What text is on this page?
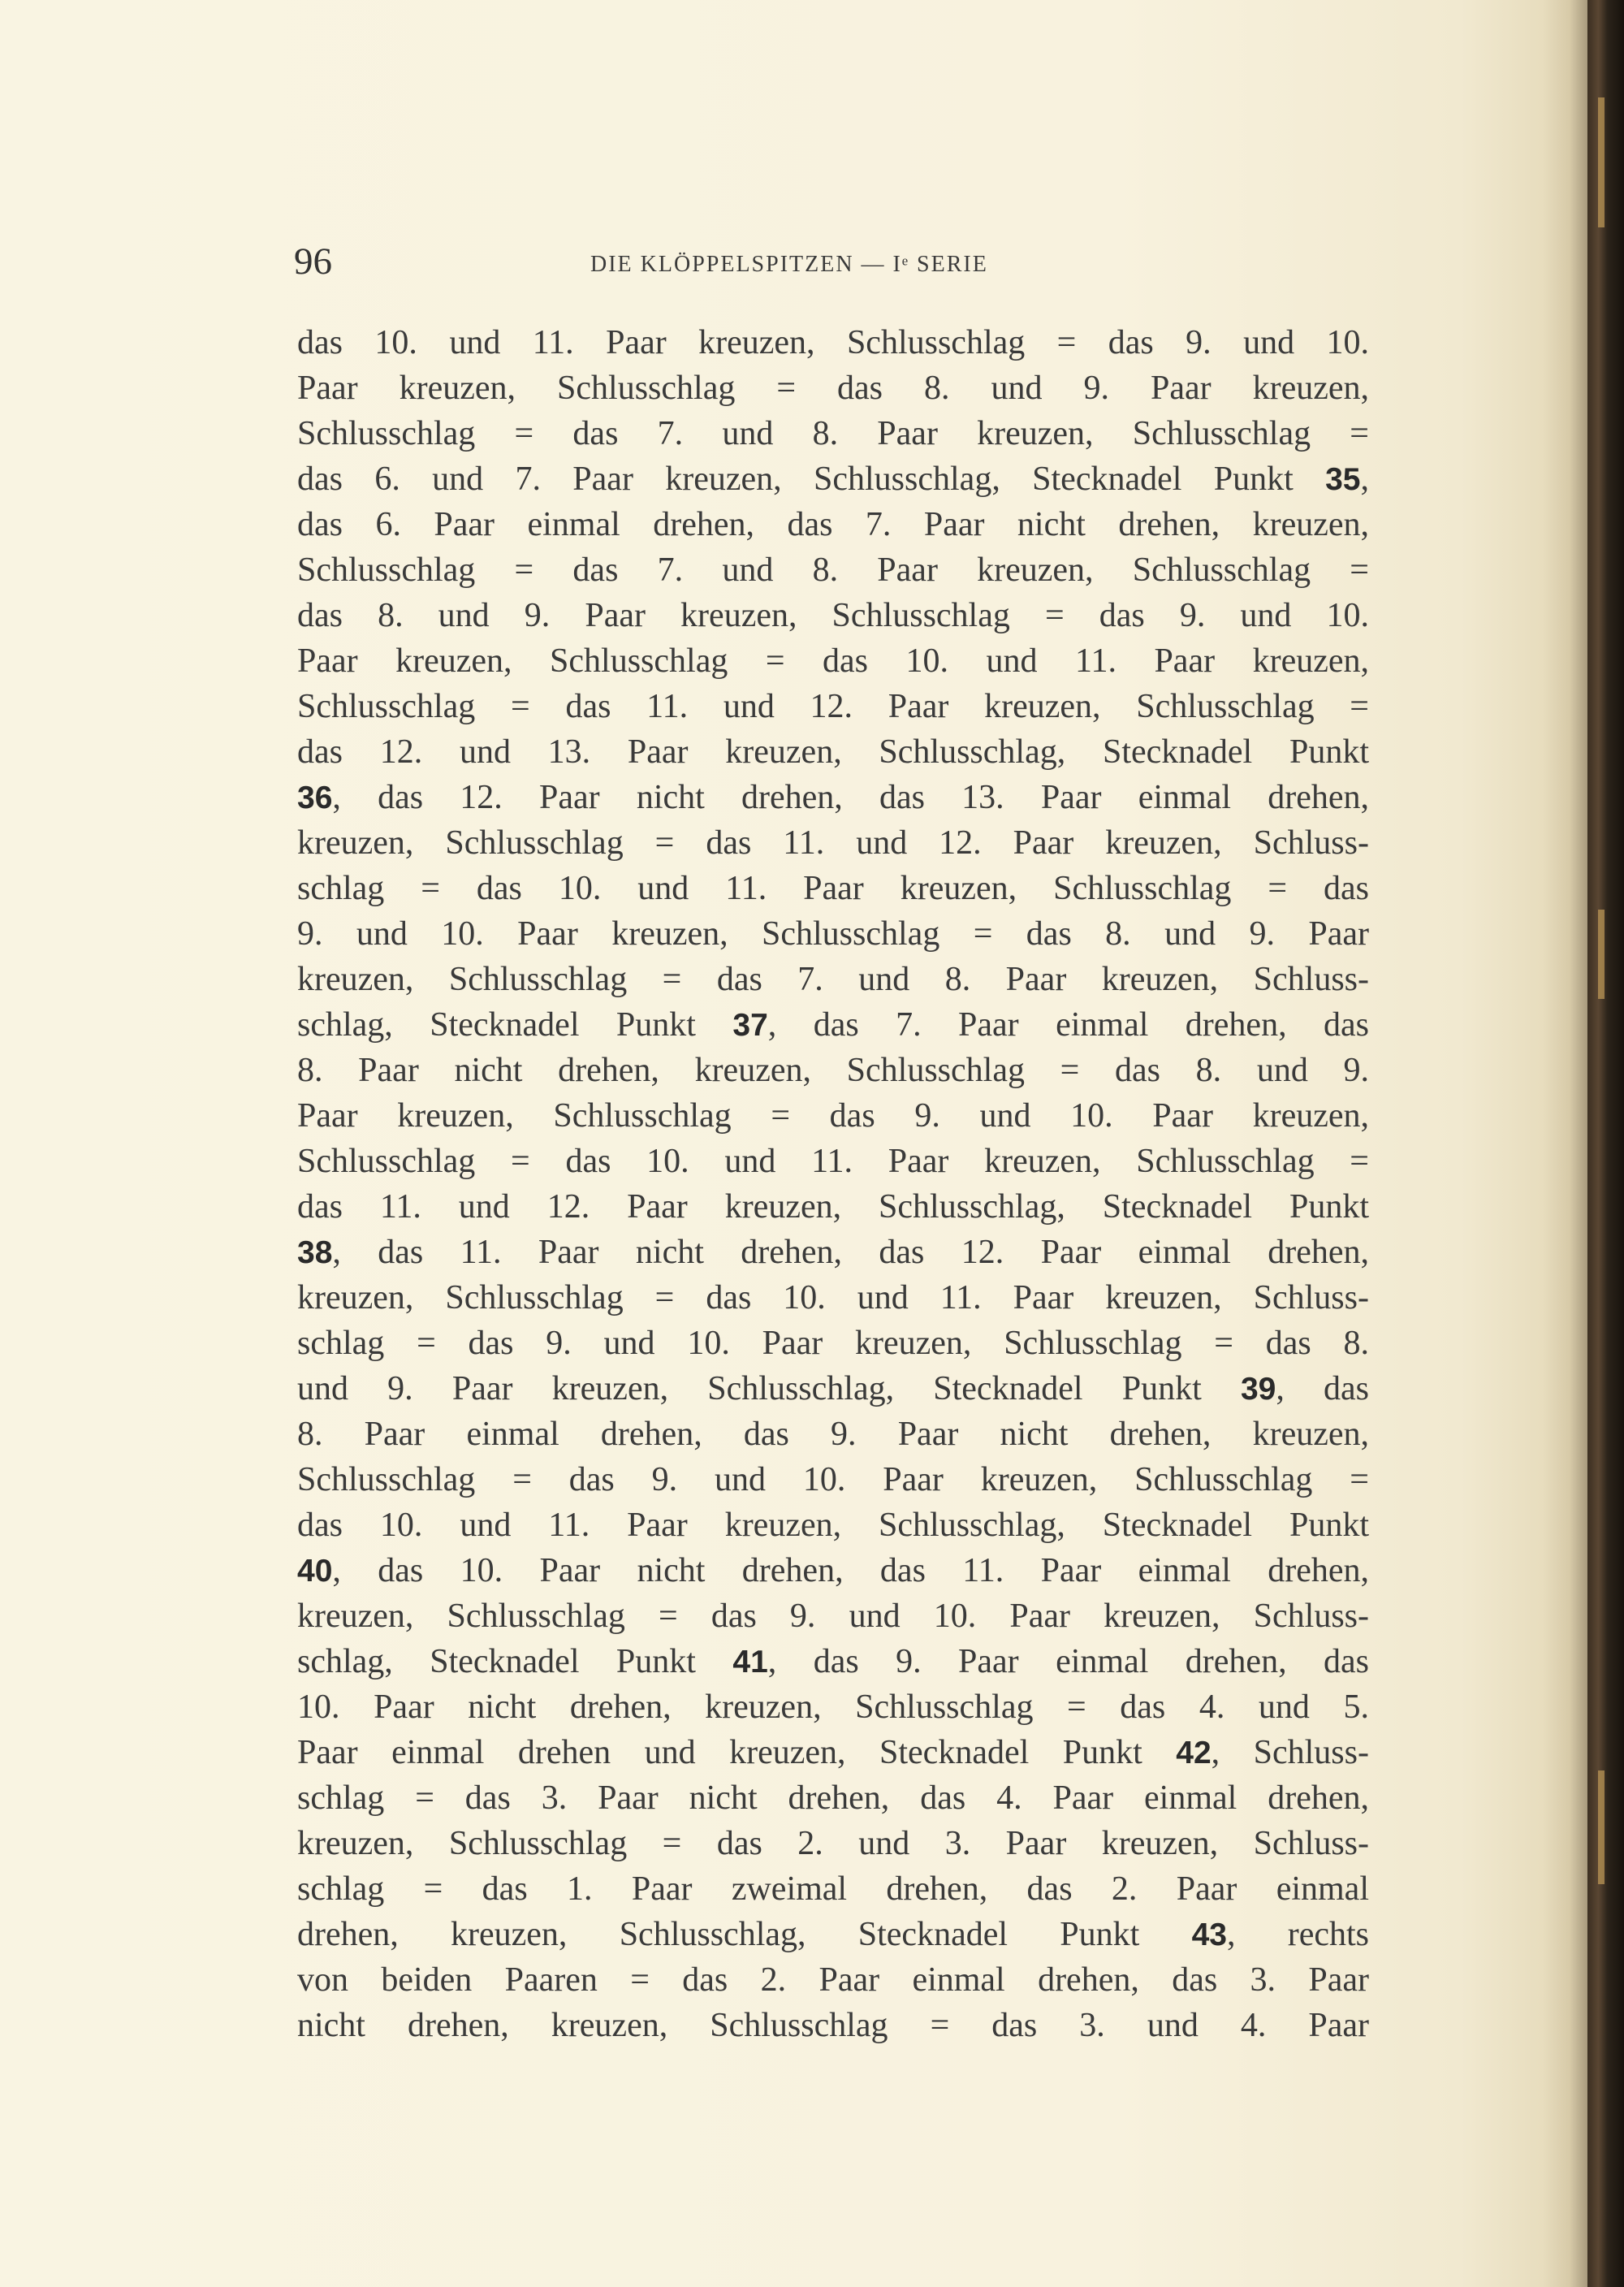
96	DIE KLÖPPELSPITZEN — Iᵉ SERIE
das 10. und 11. Paar kreuzen, Schlusschlag = das 9. und 10.
Paar kreuzen, Schlusschlag = das 8. und 9. Paar kreuzen,
Schlusschlag = das 7. und 8. Paar kreuzen, Schlusschlag =
das 6. und 7. Paar kreuzen, Schlusschlag, Stecknadel Punkt 35,
das 6. Paar einmal drehen, das 7. Paar nicht drehen, kreuzen,
Schlusschlag = das 7. und 8. Paar kreuzen, Schlusschlag =
das 8. und 9. Paar kreuzen, Schlusschlag = das 9. und 10.
Paar kreuzen, Schlusschlag = das 10. und 11. Paar kreuzen,
Schlusschlag = das 11. und 12. Paar kreuzen, Schlusschlag =
das 12. und 13. Paar kreuzen, Schlusschlag, Stecknadel Punkt
36, das 12. Paar nicht drehen, das 13. Paar einmal drehen,
kreuzen, Schlusschlag = das 11. und 12. Paar kreuzen, Schluss-
schlag = das 10. und 11. Paar kreuzen, Schlusschlag = das
9. und 10. Paar kreuzen, Schlusschlag = das 8. und 9. Paar
kreuzen, Schlusschlag = das 7. und 8. Paar kreuzen, Schluss-
schlag, Stecknadel Punkt 37, das 7. Paar einmal drehen, das
8. Paar nicht drehen, kreuzen, Schlusschlag = das 8. und 9.
Paar kreuzen, Schlusschlag = das 9. und 10. Paar kreuzen,
Schlusschlag = das 10. und 11. Paar kreuzen, Schlusschlag =
das 11. und 12. Paar kreuzen, Schlusschlag, Stecknadel Punkt
38, das 11. Paar nicht drehen, das 12. Paar einmal drehen,
kreuzen, Schlusschlag = das 10. und 11. Paar kreuzen, Schluss-
schlag = das 9. und 10. Paar kreuzen, Schlusschlag = das 8.
und 9. Paar kreuzen, Schlusschlag, Stecknadel Punkt 39, das
8. Paar einmal drehen, das 9. Paar nicht drehen, kreuzen,
Schlusschlag = das 9. und 10. Paar kreuzen, Schlusschlag =
das 10. und 11. Paar kreuzen, Schlusschlag, Stecknadel Punkt
40, das 10. Paar nicht drehen, das 11. Paar einmal drehen,
kreuzen, Schlusschlag = das 9. und 10. Paar kreuzen, Schluss-
schlag, Stecknadel Punkt 41, das 9. Paar einmal drehen, das
10. Paar nicht drehen, kreuzen, Schlusschlag = das 4. und 5.
Paar einmal drehen und kreuzen, Stecknadel Punkt 42, Schluss-
schlag = das 3. Paar nicht drehen, das 4. Paar einmal drehen,
kreuzen, Schlusschlag = das 2. und 3. Paar kreuzen, Schluss-
schlag = das 1. Paar zweimal drehen, das 2. Paar einmal
drehen, kreuzen, Schlusschlag, Stecknadel Punkt 43, rechts
von beiden Paaren = das 2. Paar einmal drehen, das 3. Paar
nicht drehen, kreuzen, Schlusschlag = das 3. und 4. Paar
